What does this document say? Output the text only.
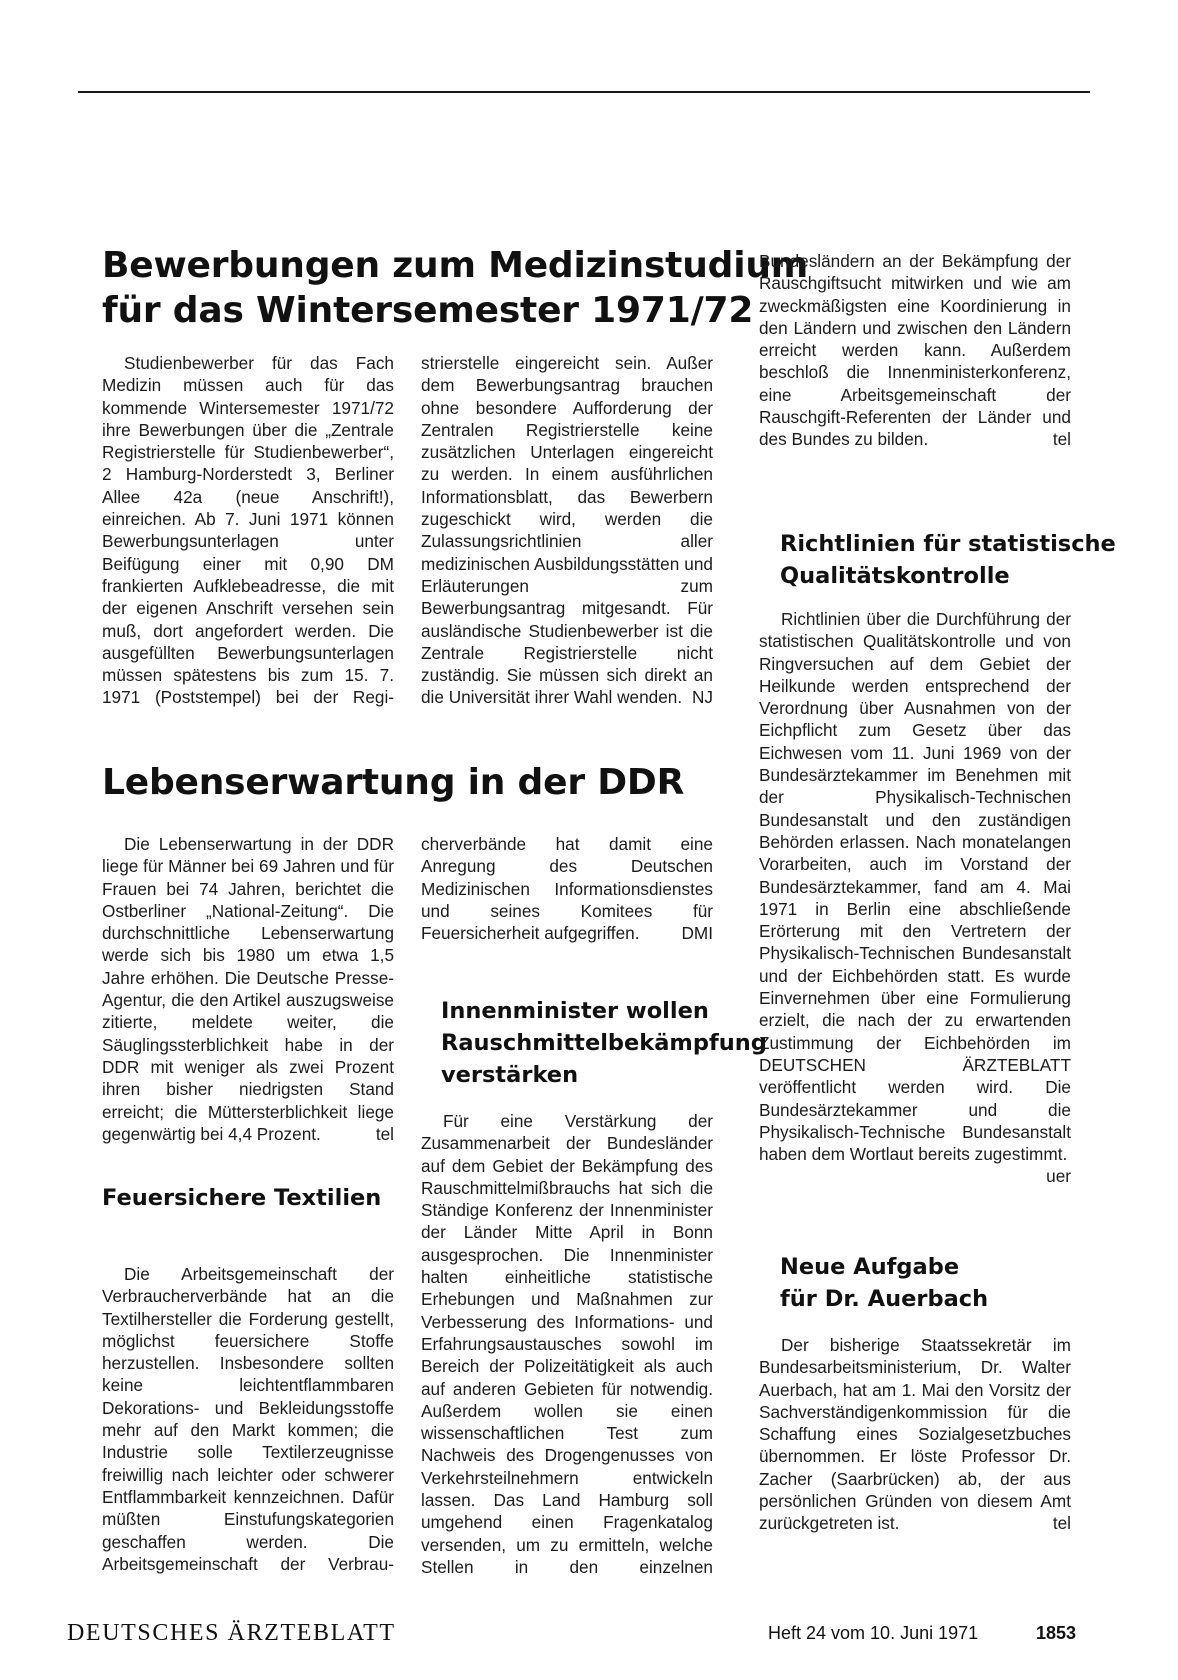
Bewerbungen zum Medizinstudium
für das Wintersemester 1971/72

Studienbewerber für das Fach Medizin müssen auch für das kommende Wintersemester 1971/72 ihre Bewerbungen über die „Zentrale Registrierstelle für Studienbewerber“, 2 Hamburg-Norderstedt 3, Berliner Allee 42a (neue Anschrift!), einreichen. Ab 7. Juni 1971 können Bewerbungsunterlagen unter Beifügung einer mit 0,90 DM frankierten Aufklebeadresse, die mit der eigenen Anschrift versehen sein muß, dort angefordert werden. Die ausgefüllten Bewerbungsunterlagen müssen spätestens bis zum 15. 7. 1971 (Poststempel) bei der Regi-

strierstelle eingereicht sein. Außer dem Bewerbungsantrag brauchen ohne besondere Aufforderung der Zentralen Registrierstelle keine zusätzlichen Unterlagen eingereicht zu werden. In einem ausführlichen Informationsblatt, das Bewerbern zugeschickt wird, werden die Zulassungsrichtlinien aller medizinischen Ausbildungsstätten und Erläuterungen zum Bewerbungsantrag mitgesandt. Für ausländische Studienbewerber ist die Zentrale Registrierstelle nicht zuständig. Sie müssen sich direkt an die Universität ihrer Wahl wenden. NJ

Lebenserwartung in der DDR

Die Lebenserwartung in der DDR liege für Männer bei 69 Jahren und für Frauen bei 74 Jahren, berichtet die Ostberliner „National-Zeitung“. Die durchschnittliche Lebenserwartung werde sich bis 1980 um etwa 1,5 Jahre erhöhen. Die Deutsche Presse-Agentur, die den Artikel auszugsweise zitierte, meldete weiter, die Säuglingssterblichkeit habe in der DDR mit weniger als zwei Prozent ihren bisher niedrigsten Stand erreicht; die Müttersterblichkeit liege gegenwärtig bei 4,4 Prozent.	tel

Feuersichere Textilien

Die Arbeitsgemeinschaft der Verbraucherverbände hat an die Textilhersteller die Forderung gestellt, möglichst feuersichere Stoffe herzustellen. Insbesondere sollten keine leichtentflammbaren Dekorations- und Bekleidungsstoffe mehr auf den Markt kommen; die Industrie solle Textilerzeugnisse freiwillig nach leichter oder schwerer Entflammbarkeit kennzeichnen. Dafür müßten Einstufungskategorien geschaffen werden. Die Arbeitsgemeinschaft der Verbrau-

cherverbände hat damit eine Anregung des Deutschen Medizinischen Informationsdienstes und seines Komitees für Feuersicherheit aufgegriffen. DMI

Innenminister wollen
Rauschmittelbekämpfung
verstärken

Für eine Verstärkung der Zusammenarbeit der Bundesländer auf dem Gebiet der Bekämpfung des Rauschmittelmißbrauchs hat sich die Ständige Konferenz der Innenminister der Länder Mitte April in Bonn ausgesprochen. Die Innenminister halten einheitliche statistische Erhebungen und Maßnahmen zur Verbesserung des Informations- und Erfahrungsaustausches sowohl im Bereich der Polizeitätigkeit als auch auf anderen Gebieten für notwendig. Außerdem wollen sie einen wissenschaftlichen Test zum Nachweis des Drogengenusses von Verkehrsteilnehmern entwickeln lassen. Das Land Hamburg soll umgehend einen Fragenkatalog versenden, um zu ermitteln, welche Stellen in den einzelnen

Bundesländern an der Bekämpfung der Rauschgiftsucht mitwirken und wie am zweckmäßigsten eine Koordinierung in den Ländern und zwischen den Ländern erreicht werden kann. Außerdem beschloß die Innenministerkonferenz, eine Arbeitsgemeinschaft der Rauschgift-Referenten der Länder und des Bundes zu bilden.	tel

Richtlinien für statistische
Qualitätskontrolle

Richtlinien über die Durchführung der statistischen Qualitätskontrolle und von Ringversuchen auf dem Gebiet der Heilkunde werden entsprechend der Verordnung über Ausnahmen von der Eichpflicht zum Gesetz über das Eichwesen vom 11. Juni 1969 von der Bundesärztekammer im Benehmen mit der Physikalisch-Technischen Bundesanstalt und den zuständigen Behörden erlassen. Nach monatelangen Vorarbeiten, auch im Vorstand der Bundesärztekammer, fand am 4. Mai 1971 in Berlin eine abschließende Erörterung mit den Vertretern der Physikalisch-Technischen Bundesanstalt und der Eichbehörden statt. Es wurde Einvernehmen über eine Formulierung erzielt, die nach der zu erwartenden Zustimmung der Eichbehörden im DEUTSCHEN ÄRZTEBLATT veröffentlicht werden wird. Die Bundesärztekammer und die Physikalisch-Technische Bundesanstalt haben dem Wortlaut bereits zugestimmt.
uer

Neue Aufgabe
für Dr. Auerbach

Der bisherige Staatssekretär im Bundesarbeitsministerium, Dr. Walter Auerbach, hat am 1. Mai den Vorsitz der Sachverständigenkommission für die Schaffung eines Sozialgesetzbuches übernommen. Er löste Professor Dr. Zacher (Saarbrücken) ab, der aus persönlichen Gründen von diesem Amt zurückgetreten ist.	tel

DEUTSCHES ÄRZTEBLATT	Heft 24 vom 10. Juni 1971	1853
